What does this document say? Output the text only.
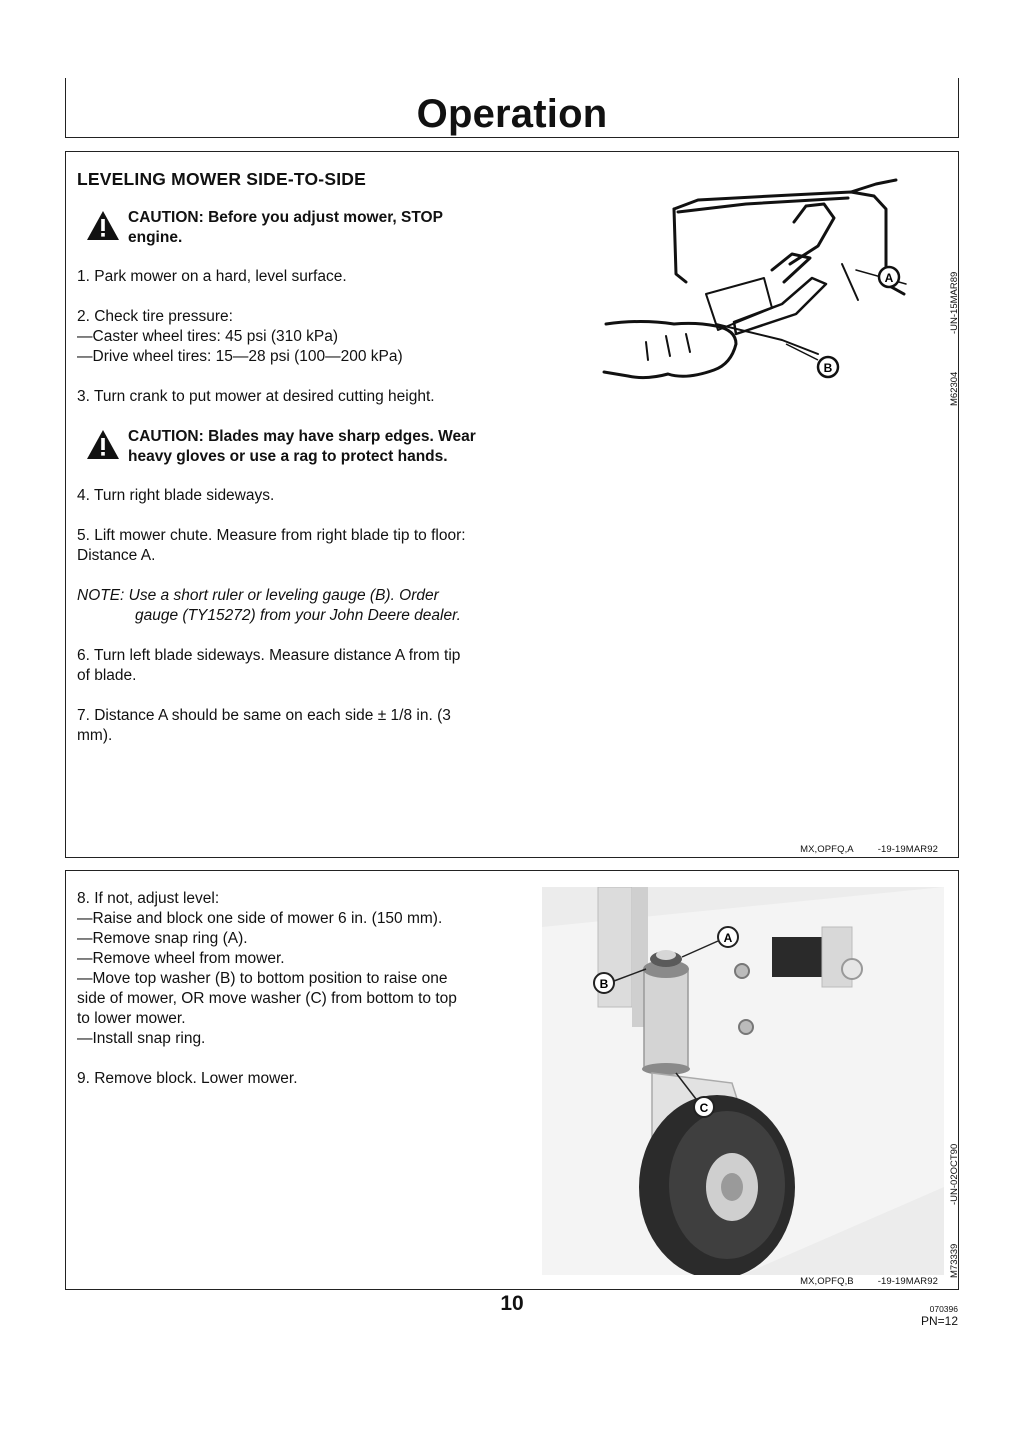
Operation
LEVELING MOWER SIDE-TO-SIDE
CAUTION: Before you adjust mower, STOP
engine.
1. Park mower on a hard, level surface.
2. Check tire pressure:
—Caster wheel tires: 45 psi (310 kPa)
—Drive wheel tires: 15—28 psi (100—200 kPa)
3. Turn crank to put mower at desired cutting height.
CAUTION: Blades may have sharp edges. Wear
heavy gloves or use a rag to protect hands.
4. Turn right blade sideways.
5. Lift mower chute. Measure from right blade tip to floor:
Distance A.
NOTE: Use a short ruler or leveling gauge (B). Order
gauge (TY15272) from your John Deere dealer.
6. Turn left blade sideways. Measure distance A from tip
of blade.
7. Distance A should be same on each side ± 1/8 in. (3
mm).
A
B
M62304
-UN-15MAR89
MX,OPFQ,A	-19-19MAR92
8. If not, adjust level:
—Raise and block one side of mower 6 in. (150 mm).
—Remove snap ring (A).
—Remove wheel from mower.
—Move top washer (B) to bottom position to raise one
side of mower, OR move washer (C) from bottom to top
to lower mower.
—Install snap ring.
9. Remove block. Lower mower.
A
B
C
M73339
-UN-02OCT90
MX,OPFQ,B	-19-19MAR92
10	070396
PN=12
